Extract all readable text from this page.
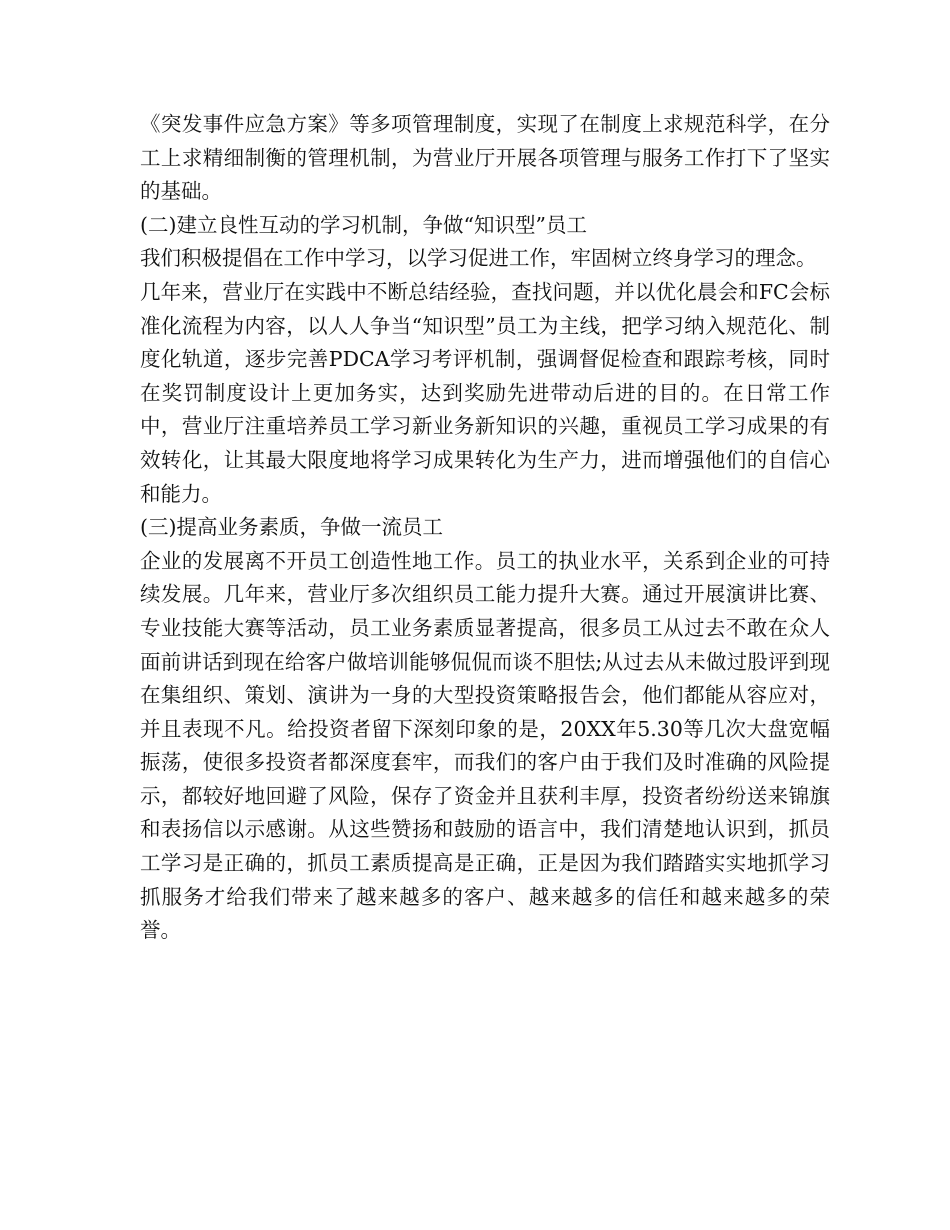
《突发事件应急方案》等多项管理制度，实现了在制度上求规范科学，在分工上求精细制衡的管理机制，为营业厅开展各项管理与服务工作打下了坚实的基础。

(二)建立良性互动的学习机制，争做“知识型”员工

我们积极提倡在工作中学习，以学习促进工作，牢固树立终身学习的理念。

几年来，营业厅在实践中不断总结经验，查找问题，并以优化晨会和FC会标准化流程为内容，以人人争当“知识型”员工为主线，把学习纳入规范化、制度化轨道，逐步完善PDCA学习考评机制，强调督促检查和跟踪考核，同时在奖罚制度设计上更加务实，达到奖励先进带动后进的目的。在日常工作中，营业厅注重培养员工学习新业务新知识的兴趣，重视员工学习成果的有效转化，让其最大限度地将学习成果转化为生产力，进而增强他们的自信心和能力。

(三)提高业务素质，争做一流员工

企业的发展离不开员工创造性地工作。员工的执业水平，关系到企业的可持续发展。几年来，营业厅多次组织员工能力提升大赛。通过开展演讲比赛、专业技能大赛等活动，员工业务素质显著提高，很多员工从过去不敢在众人面前讲话到现在给客户做培训能够侃侃而谈不胆怯;从过去从未做过股评到现在集组织、策划、演讲为一身的大型投资策略报告会，他们都能从容应对，并且表现不凡。给投资者留下深刻印象的是，20XX年5.30等几次大盘宽幅振荡，使很多投资者都深度套牢，而我们的客户由于我们及时准确的风险提示，都较好地回避了风险，保存了资金并且获利丰厚，投资者纷纷送来锦旗和表扬信以示感谢。从这些赞扬和鼓励的语言中，我们清楚地认识到，抓员工学习是正确的，抓员工素质提高是正确，正是因为我们踏踏实实地抓学习抓服务才给我们带来了越来越多的客户、越来越多的信任和越来越多的荣誉。
